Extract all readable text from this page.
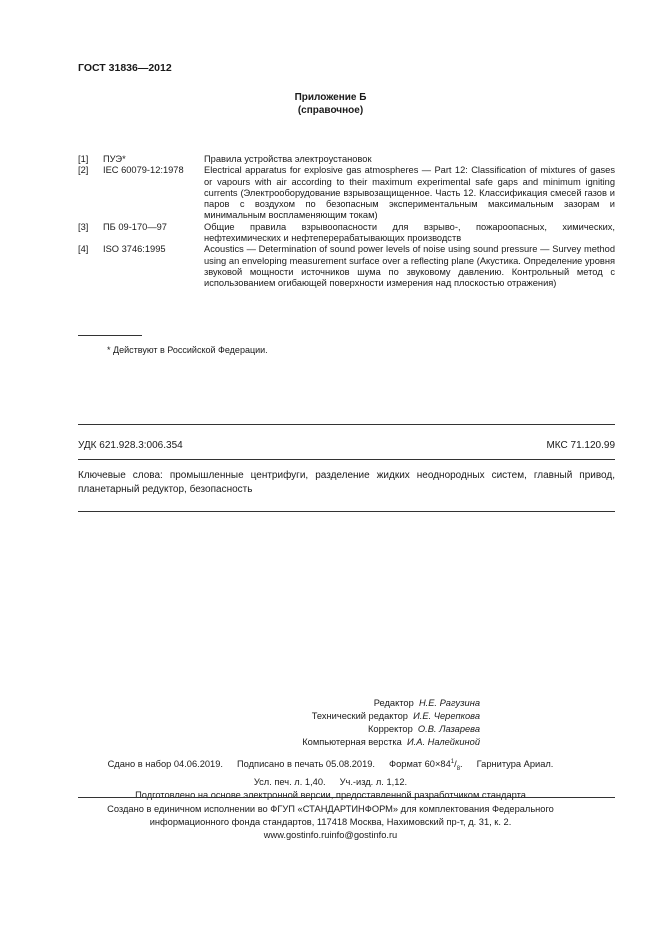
ГОСТ 31836—2012
Приложение Б
(справочное)
[1]	ПУЭ*	Правила устройства электроустановок
[2]	IEC 60079-12:1978	Electrical apparatus for explosive gas atmospheres — Part 12: Classification of mixtures of gases or vapours with air according to their maximum experimental safe gaps and minimum igniting currents (Электрооборудование взрывозащищенное. Часть 12. Классификация смесей газов и паров с воздухом по безопасным экспериментальным максимальным зазорам и минимальным воспламеняющим токам)
[3]	ПБ 09-170—97	Общие правила взрывоопасности для взрыво-, пожароопасных, химических, нефтехимических и нефтеперерабатывающих производств
[4]	ISO 3746:1995	Acoustics — Determination of sound power levels of noise using sound pressure — Survey method using an enveloping measurement surface over a reflecting plane (Акустика. Определение уровня звуковой мощности источников шума по звуковому давлению. Контрольный метод с использованием огибающей поверхности измерения над плоскостью отражения)
* Действуют в Российской Федерации.
УДК 621.928.3:006.354	МКС 71.120.99
Ключевые слова: промышленные центрифуги, разделение жидких неоднородных систем, главный привод, планетарный редуктор, безопасность
Редактор Н.Е. Рагузина
Технический редактор И.Е. Черепкова
Корректор О.В. Лазарева
Компьютерная верстка И.А. Налейкиной
Сдано в набор 04.06.2019. Подписано в печать 05.08.2019. Формат $60\times 84^1/_8$. Гарнитура Ариал.
Усл. печ. л. 1,40. Уч.-изд. л. 1,12.
Подготовлено на основе электронной версии, предоставленной разработчиком стандарта
Создано в единичном исполнении во ФГУП «СТАНДАРТИНФОРМ» для комплектования Федерального
информационного фонда стандартов, 117418 Москва, Нахимовский пр-т, д. 31, к. 2.
www.gostinfo.ruinfo@gostinfo.ru
